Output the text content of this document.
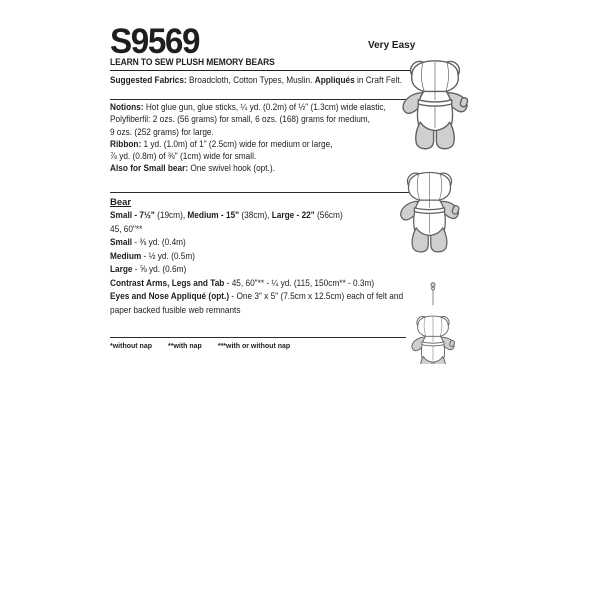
S9569	Very Easy
LEARN TO SEW PLUSH MEMORY BEARS
Suggested Fabrics: Broadcloth, Cotton Types, Muslin. Appliqués in Craft Felt.
Notions: Hot glue gun, glue sticks, ¼ yd. (0.2m) of ½" (1.3cm) wide elastic,
Polyfiberfil: 2 ozs. (56 grams) for small, 6 ozs. (168) grams for medium,
9 ozs. (252 grams) for large.
Ribbon: 1 yd. (1.0m) of 1" (2.5cm) wide for medium or large,
⅞ yd. (0.8m) of ⅜" (1cm) wide for small.
Also for Small bear: One swivel hook (opt.).
Bear
Small - 7½" (19cm), Medium - 15" (38cm), Large - 22" (56cm)
45, 60"**
Small - ⅜ yd. (0.4m)
Medium - ½ yd. (0.5m)
Large - ⅝ yd. (0.6m)
Contrast Arms, Legs and Tab - 45, 60"** - ¼ yd. (115, 150cm** - 0.3m)
Eyes and Nose Appliqué (opt.) - One 3" x 5" (7.5cm x 12.5cm) each of felt and
paper backed fusible web remnants
*without nap **with nap ***with or without nap
